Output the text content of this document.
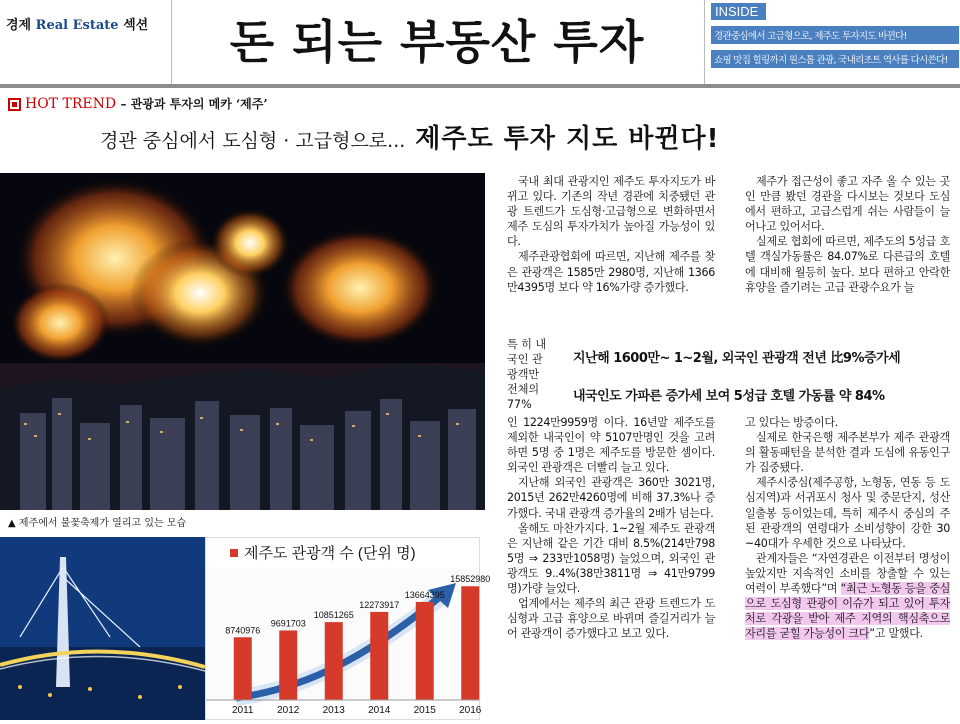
경제 Real Estate 섹션	돈 되는 부동산 투자
INSIDE
경관중심에서 고급형으로, 제주도 투자지도 바뀐다!
쇼핑 맛집 힐링까지 원스톱 관광, 국내리조트 역사를 다시쓴다!
HOT TREND – 관광과 투자의 메카 ‘제주’
경관 중심에서 도심형 · 고급형으로... 제주도 투자 지도 바뀐다!
▲ 제주에서 불꽃축제가 열리고 있는 모습
제주도 관광객 수 (단위 명)
8740976
2011
9691703
2012
10851265
2013
12273917
2014
13664395
2015
15852980
2016

국내 최대 관광지인 제주도 투자지도가 바뀌고 있다. 기존의 작년 경관에 치중됐던 관광 트렌드가 도심형·고급형으로 변화하면서 제주 도심의 투자가치가 높아질 가능성이 있다.

제주관광협회에 따르면, 지난해 제주를 찾은 관광객은 1585만 2980명, 지난해 1366만4395명 보다 약 16%가량 증가했다.

제주가 접근성이 좋고 자주 올 수 있는 곳인 만큼 봤던 경관을 다시보는 것보다 도심에서 편하고, 고급스럽게 쉬는 사람들이 늘어나고 있어서다.

실제로 협회에 따르면, 제주도의 5성급 호텔 객실가동률은 84.07%로 다른급의 호텔에 대비해 월등히 높다. 보다 편하고 안락한 휴양을 즐기려는 고급 관광수요가 늘

특 히 내국인 관광객만 전체의 77%
지난해 1600만~ 1~2월, 외국인 관광객 전년 比9%증가세
내국인도 가파른 증가세 보여 5성급 호텔 가동률 약 84%

인 1224만9959명 이다. 16년말 제주도를 제외한 내국인이 약 5107만명인 것을 고려하면 5명 중 1명은 제주도를 방문한 셈이다. 외국인 관광객은 더빨리 늘고 있다.

지난해 외국인 관광객은 360만 3021명, 2015년 262만4260명에 비해 37.3%나 증가했다. 국내 관광객 증가율의 2배가 넘는다.

올해도 마찬가지다. 1~2월 제주도 관광객은 지난해 같은 기간 대비 8.5%(214만7985명 ⇒ 233만1058명) 늘었으며, 외국인 관광객도 9..4%(38만3811명 ⇒ 41만9799명)가량 늘었다.

업계에서는 제주의 최근 관광 트렌드가 도심형과 고급 휴양으로 바뀌며 즐길거리가 늘어 관광객이 증가했다고 보고 있다.

고 있다는 방증이다.

실제로 한국은행 제주본부가 제주 관광객의 활동패턴을 분석한 결과 도심에 유동인구가 집중됐다.

제주시중심(제주공항, 노형동, 연동 등 도심지역)과 서귀포시 청사 및 중문단지, 성산 일출봉 등이었는데, 특히 제주시 중심의 주된 관광객의 연령대가 소비성향이 강한 30~40대가 우세한 것으로 나타났다.

관계자들은 “자연경관은 이전부터 명성이 높았지만 지속적인 소비를 창출할 수 있는 여력이 부족했다”며 “최근 노형동 등을 중심으로 도심형 관광이 이슈가 되고 있어 투자처로 각광을 받아 제주 지역의 핵심축으로 자리를 굳힐 가능성이 크다”고 말했다.
